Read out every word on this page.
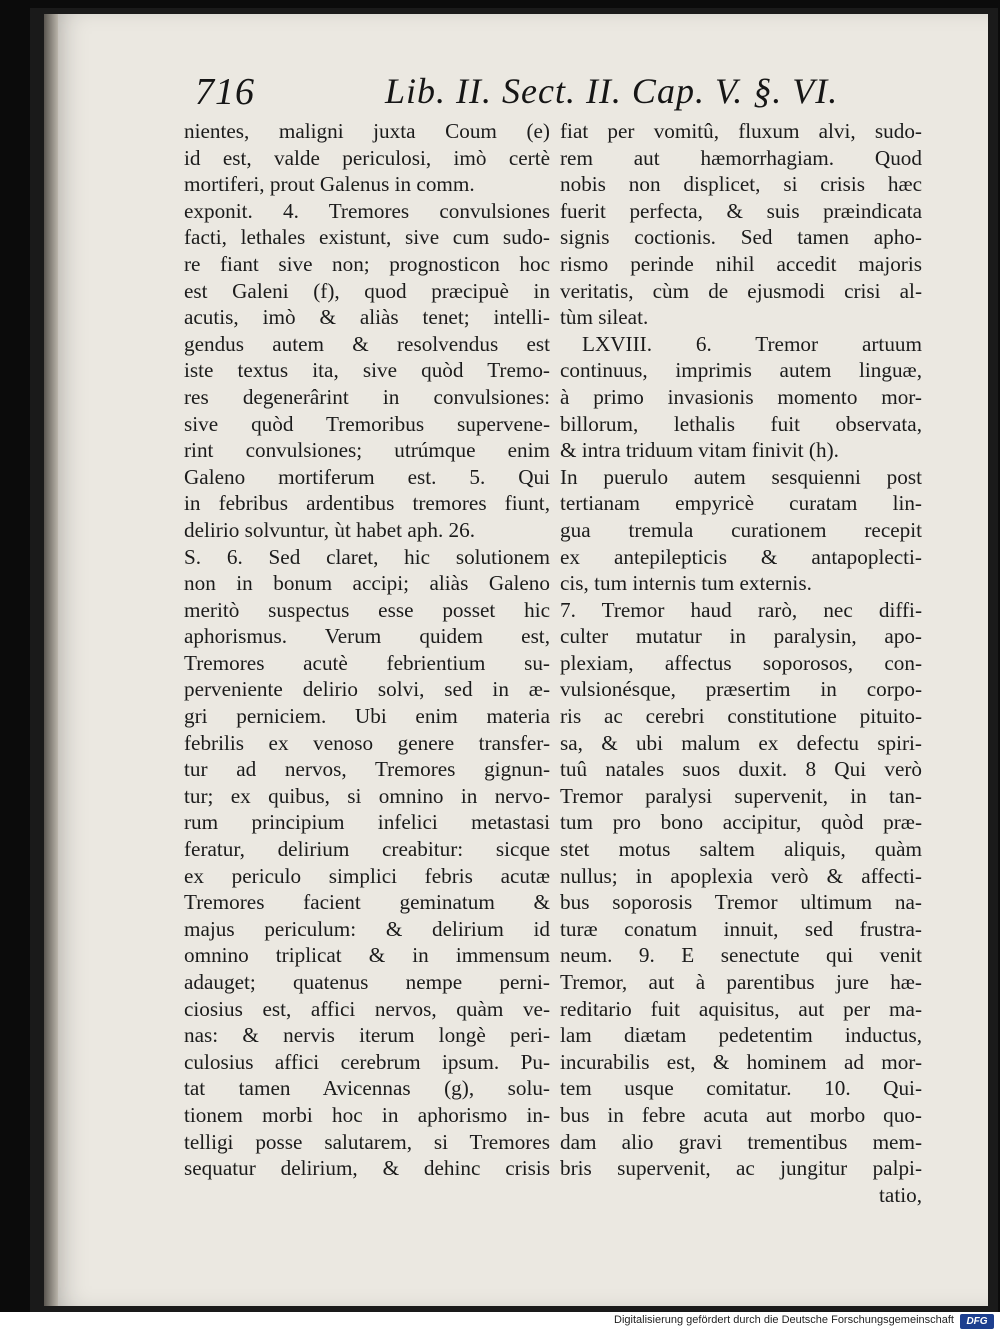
716	Lib. II. Sect. II. Cap. V. §. VI.
nientes, maligni juxta Coum (e)
id est, valde periculosi, imò certè
mortiferi, prout Galenus in comm.
exponit. 4. Tremores convulsiones
facti, lethales existunt, sive cum sudo-
re fiant sive non; prognosticon hoc
est Galeni (f), quod præcipuè in
acutis, imò & aliàs tenet; intelli-
gendus autem & resolvendus est
iste textus ita, sive quòd Tremo-
res degenerârint in convulsiones:
sive quòd Tremoribus supervene-
rint convulsiones; utrúmque enim
Galeno mortiferum est. 5. Qui
in febribus ardentibus tremores fiunt,
delirio solvuntur, ùt habet aph. 26.
S. 6. Sed claret, hic solutionem
non in bonum accipi; aliàs Galeno
meritò suspectus esse posset hic
aphorismus. Verum quidem est,
Tremores acutè febrientium su-
perveniente delirio solvi, sed in æ-
gri perniciem. Ubi enim materia
febrilis ex venoso genere transfer-
tur ad nervos, Tremores gignun-
tur; ex quibus, si omnino in nervo-
rum principium infelici metastasi
feratur, delirium creabitur: sicque
ex periculo simplici febris acutæ
Tremores facient geminatum &
majus periculum: & delirium id
omnino triplicat & in immensum
adauget; quatenus nempe perni-
ciosius est, affici nervos, quàm ve-
nas: & nervis iterum longè peri-
culosius affici cerebrum ipsum. Pu-
tat tamen Avicennas (g), solu-
tionem morbi hoc in aphorismo in-
telligi posse salutarem, si Tremores
sequatur delirium, & dehinc crisis
fiat per vomitû, fluxum alvi, sudo-
rem aut hæmorrhagiam. Quod
nobis non displicet, si crisis hæc
fuerit perfecta, & suis præindicata
signis coctionis. Sed tamen apho-
rismo perinde nihil accedit majoris
veritatis, cùm de ejusmodi crisi al-
tùm sileat.
LXVIII. 6. Tremor artuum
continuus, imprimis autem linguæ,
à primo invasionis momento mor-
billorum, lethalis fuit observata,
& intra triduum vitam finivit (h).
In puerulo autem sesquienni post
tertianam empyricè curatam lin-
gua tremula curationem recepit
ex antepilepticis & antapoplecti-
cis, tum internis tum externis.
7. Tremor haud rarò, nec diffi-
culter mutatur in paralysin, apo-
plexiam, affectus soporosos, con-
vulsionésque, præsertim in corpo-
ris ac cerebri constitutione pituito-
sa, & ubi malum ex defectu spiri-
tuû natales suos duxit. 8 Qui verò
Tremor paralysi supervenit, in tan-
tum pro bono accipitur, quòd præ-
stet motus saltem aliquis, quàm
nullus; in apoplexia verò & affecti-
bus soporosis Tremor ultimum na-
turæ conatum innuit, sed frustra-
neum. 9. E senectute qui venit
Tremor, aut à parentibus jure hæ-
reditario fuit aquisitus, aut per ma-
lam diætam pedetentim inductus,
incurabilis est, & hominem ad mor-
tem usque comitatur. 10. Qui-
bus in febre acuta aut morbo quo-
dam alio gravi trementibus mem-
bris supervenit, ac jungitur palpi-
tatio,
Digitalisierung gefördert durch die Deutsche Forschungsgemeinschaft	DFG
